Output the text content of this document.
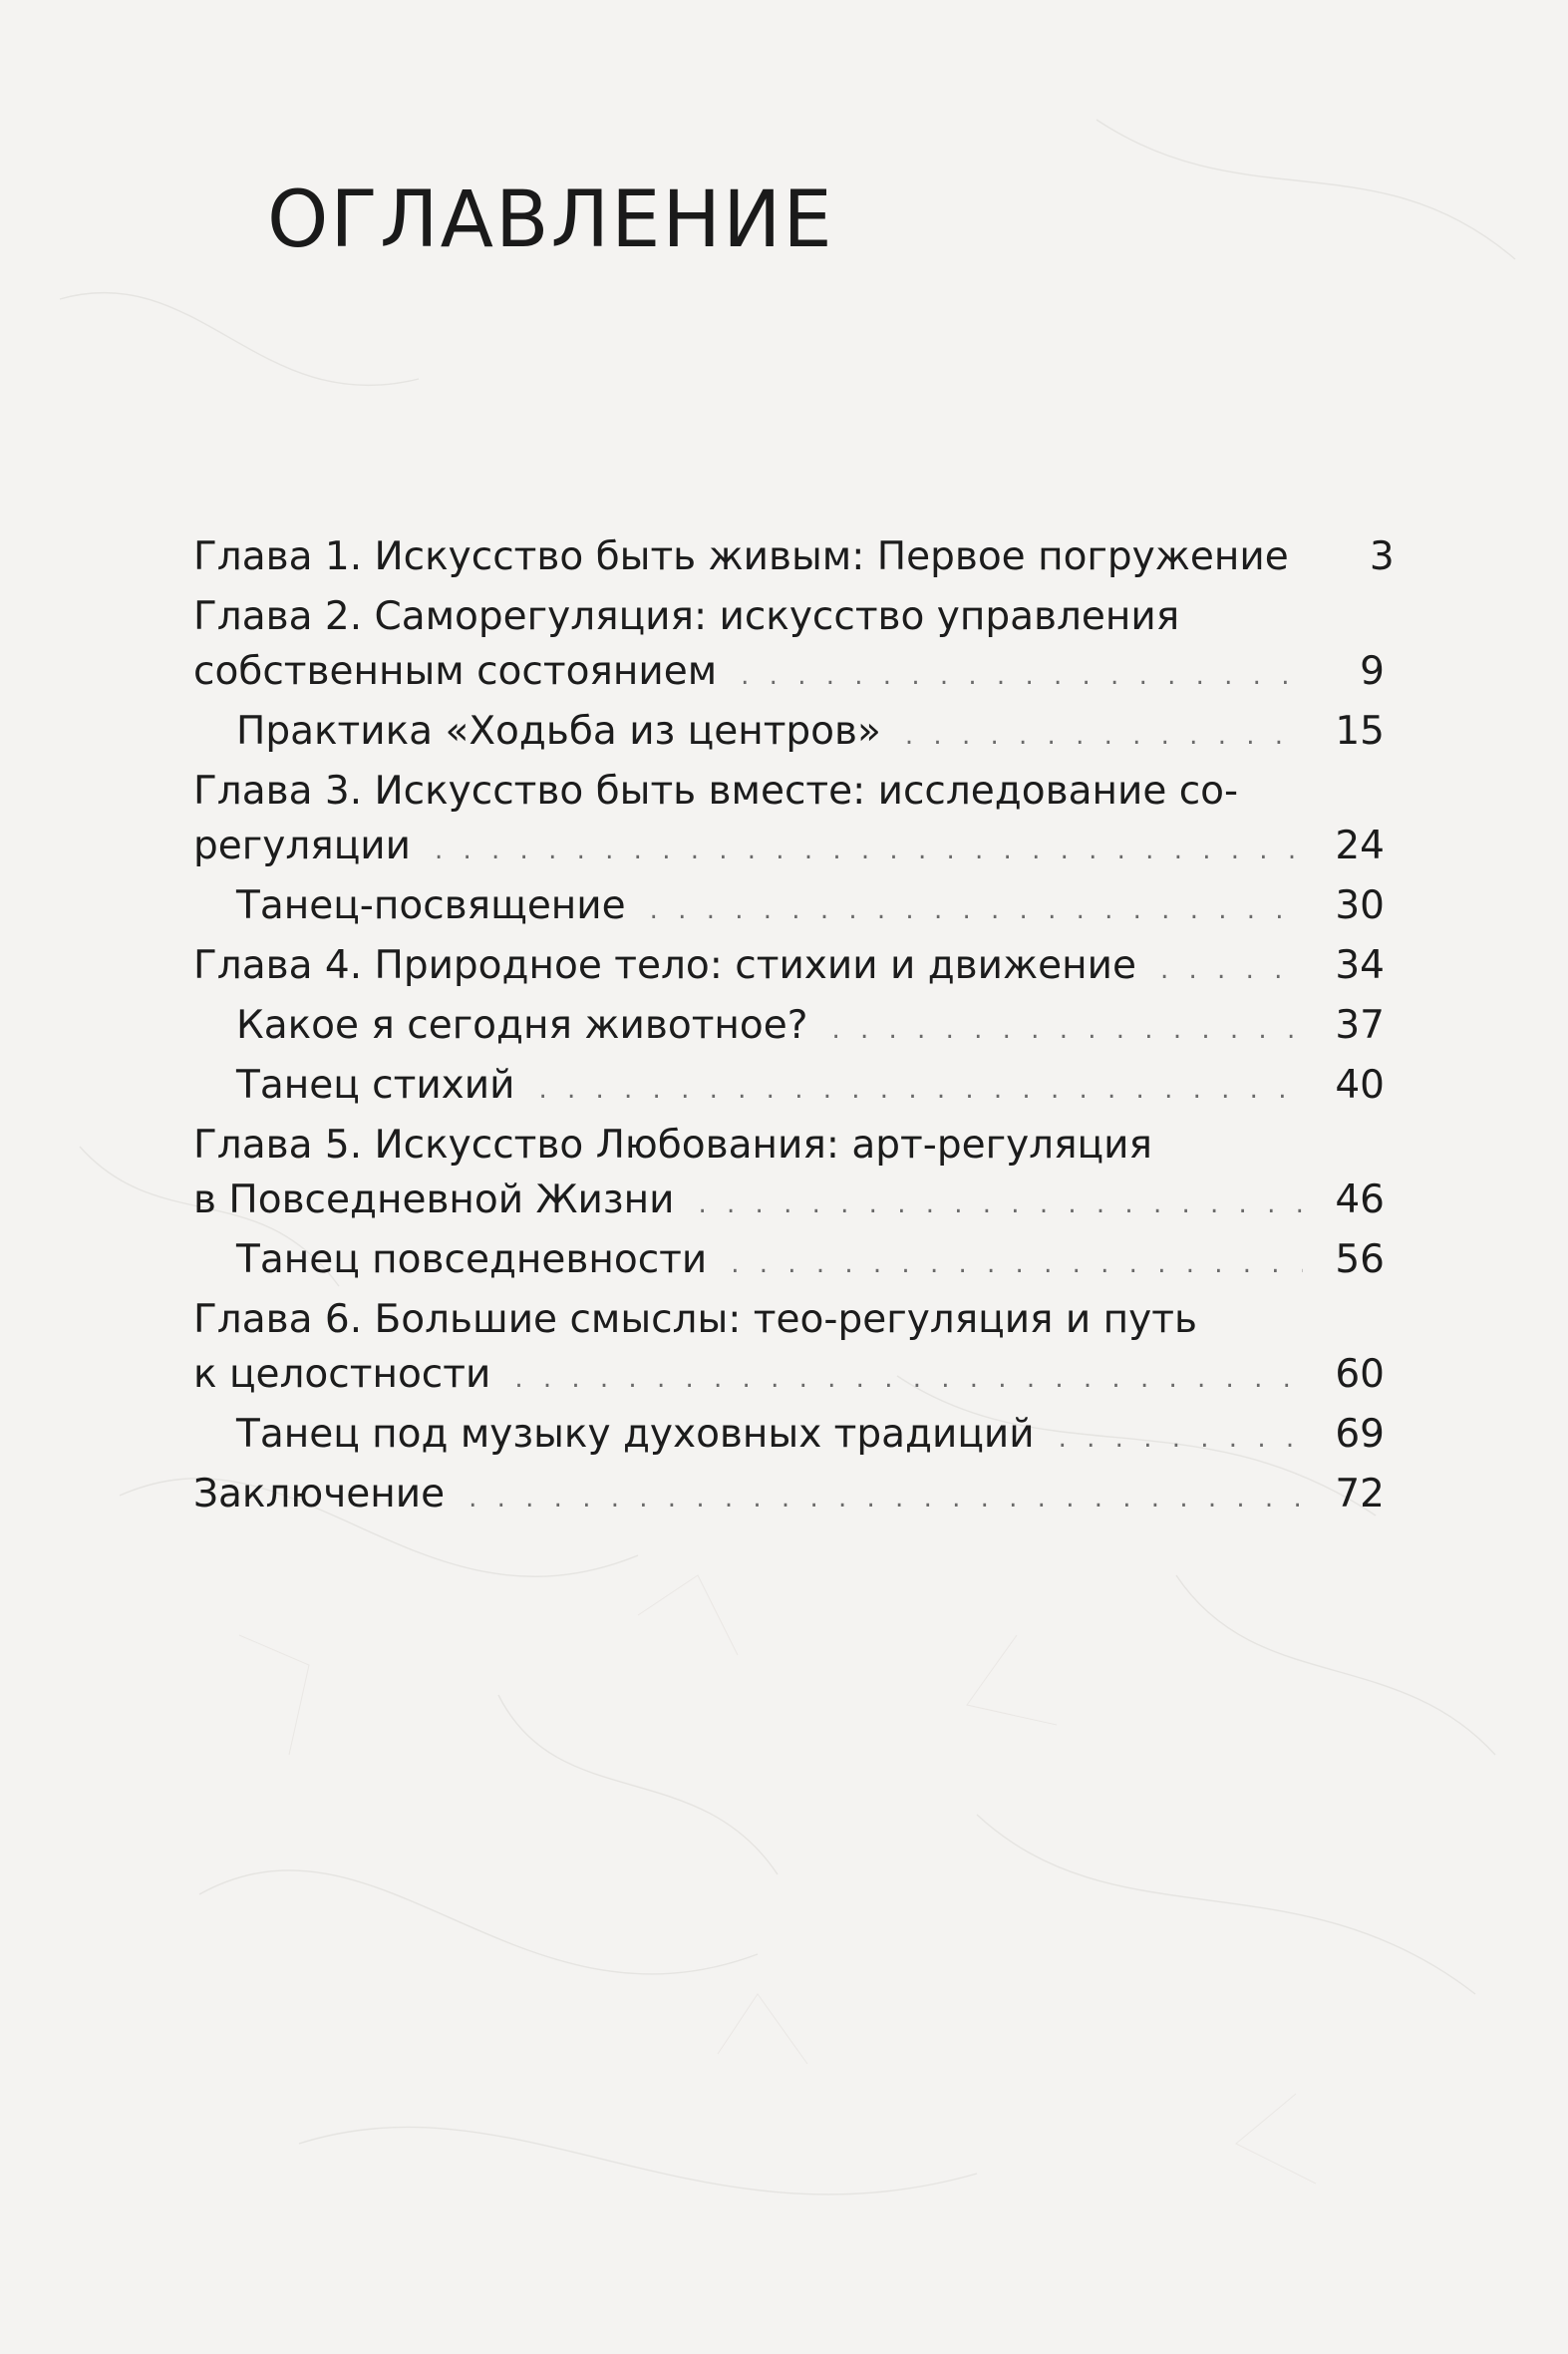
ОГЛАВЛЕНИЕ
Глава 1. Искусство быть живым: Первое погружение	3
Глава 2. Саморегуляция: искусство управления
собственным состоянием . . .	9
Практика «Ходьба из центров» . . .	15
Глава 3. Искусство быть вместе: исследование со-
регуляции . . .	24
Танец-посвящение . . .	30
Глава 4. Природное тело: стихии и движение . . .	34
Какое я сегодня животное? . . .	37
Танец стихий . . .	40
Глава 5. Искусство Любования: арт-регуляция
в Повседневной Жизни . . .	46
Танец повседневности . . .	56
Глава 6. Большие смыслы: тео-регуляция и путь
к целостности . . .	60
Танец под музыку духовных традиций . . .	69
Заключение . . .	72
